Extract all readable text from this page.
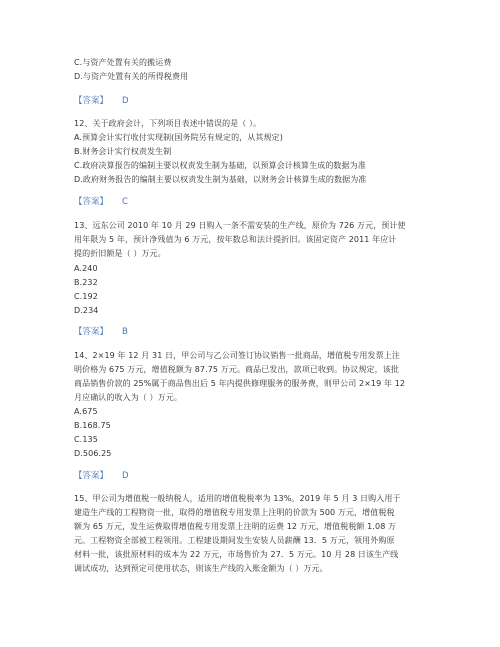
C.与资产处置有关的搬运费
D.与资产处置有关的所得税费用
【答案】 D
12、关于政府会计，下列项目表述中错误的是（ ）。
A.预算会计实行收付实现制(国务院另有规定的，从其规定)
B.财务会计实行权责发生制
C.政府决算报告的编制主要以权责发生制为基础，以预算会计核算生成的数据为准
D.政府财务报告的编制主要以权责发生制为基础，以财务会计核算生成的数据为准
【答案】 C
13、远东公司 2010 年 10 月 29 日购入一条不需安装的生产线，原价为 726 万元，预计使
用年限为 5 年，预计净残值为 6 万元，按年数总和法计提折旧。该固定资产 2011 年应计
提的折旧额是（ ）万元。
A.240
B.232
C.192
D.234
【答案】 B
14、2×19 年 12 月 31 日，甲公司与乙公司签订协议销售一批商品，增值税专用发票上注
明价格为 675 万元，增值税额为 87.75 万元。商品已发出，款项已收到。协议规定，该批
商品销售价款的 25%属于商品售出后 5 年内提供修理服务的服务费，则甲公司 2×19 年 12
月应确认的收入为（ ）万元。
A.675
B.168.75
C.135
D.506.25
【答案】 D
15、甲公司为增值税一般纳税人，适用的增值税税率为 13%。2019 年 5 月 3 日购入用于
建造生产线的工程物资一批，取得的增值税专用发票上注明的价款为 500 万元，增值税税
额为 65 万元，发生运费取得增值税专用发票上注明的运费 12 万元，增值税税额 1.08 万
元。工程物资全部被工程领用。工程建设期间发生安装人员薪酬 13．5 万元，领用外购原
材料一批，该批原材料的成本为 22 万元，市场售价为 27．5 万元。10 月 28 日该生产线
调试成功，达到预定可使用状态，则该生产线的入账金额为（ ）万元。
